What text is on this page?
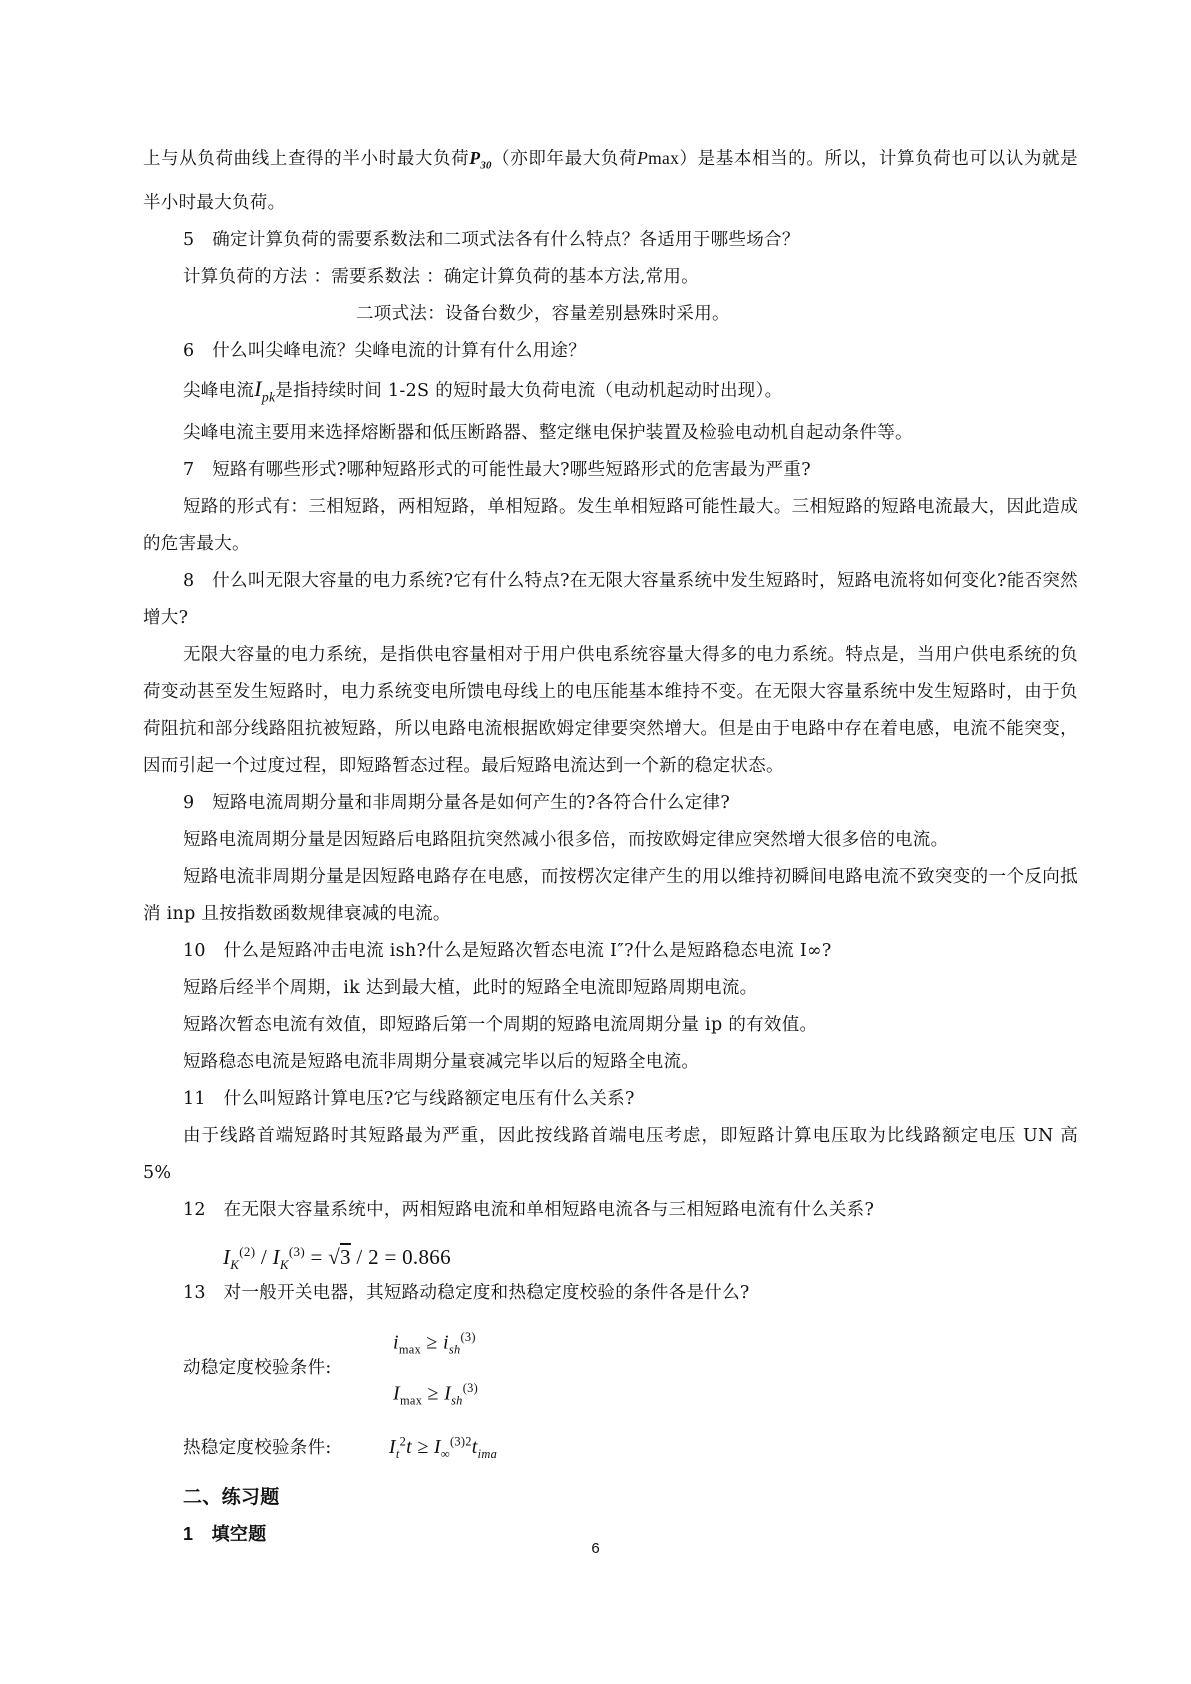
上与从负荷曲线上查得的半小时最大负荷$P_{30}$（亦即年最大负荷Pmax）是基本相当的。所以，计算负荷也可以认为就是半小时最大负荷。

5　确定计算负荷的需要系数法和二项式法各有什么特点？各适用于哪些场合？

计算负荷的方法 ：需要系数法 ：确定计算负荷的基本方法,常用。

二项式法：设备台数少，容量差别悬殊时采用。

6　什么叫尖峰电流？尖峰电流的计算有什么用途？

尖峰电流$I_{pk}$是指持续时间 1-2S 的短时最大负荷电流（电动机起动时出现）。

尖峰电流主要用来选择熔断器和低压断路器、整定继电保护装置及检验电动机自起动条件等。

7　短路有哪些形式?哪种短路形式的可能性最大?哪些短路形式的危害最为严重?

短路的形式有：三相短路，两相短路，单相短路。发生单相短路可能性最大。三相短路的短路电流最大，因此造成的危害最大。

8　什么叫无限大容量的电力系统?它有什么特点?在无限大容量系统中发生短路时，短路电流将如何变化?能否突然增大?

无限大容量的电力系统，是指供电容量相对于用户供电系统容量大得多的电力系统。特点是，当用户供电系统的负荷变动甚至发生短路时，电力系统变电所馈电母线上的电压能基本维持不变。在无限大容量系统中发生短路时，由于负荷阻抗和部分线路阻抗被短路，所以电路电流根据欧姆定律要突然增大。但是由于电路中存在着电感，电流不能突变，因而引起一个过度过程，即短路暂态过程。最后短路电流达到一个新的稳定状态。

9　短路电流周期分量和非周期分量各是如何产生的?各符合什么定律?

短路电流周期分量是因短路后电路阻抗突然减小很多倍，而按欧姆定律应突然增大很多倍的电流。

短路电流非周期分量是因短路电路存在电感，而按楞次定律产生的用以维持初瞬间电路电流不致突变的一个反向抵消 inp 且按指数函数规律衰减的电流。

10　什么是短路冲击电流 ish?什么是短路次暂态电流 I″?什么是短路稳态电流 I∞?

短路后经半个周期，ik 达到最大植，此时的短路全电流即短路周期电流。

短路次暂态电流有效值，即短路后第一个周期的短路电流周期分量 ip 的有效值。

短路稳态电流是短路电流非周期分量衰减完毕以后的短路全电流。

11　什么叫短路计算电压?它与线路额定电压有什么关系?

由于线路首端短路时其短路最为严重，因此按线路首端电压考虑，即短路计算电压取为比线路额定电压 UN 高 5%

12　在无限大容量系统中，两相短路电流和单相短路电流各与三相短路电流有什么关系?

$I_K^{(2)} / I_K^{(3)} = √3 / 2 = 0.866$

13　对一般开关电器，其短路动稳定度和热稳定度校验的条件各是什么?

动稳定度校验条件:
$i_{max} \ge i_{sh}^{(3)}$
$I_{max} \ge I_{sh}^{(3)}$
热稳定度校验条件:	$I_t^2t \ge I_\infty^{(3)2}t_{ima}$

二、练习题

1　填空题

6
